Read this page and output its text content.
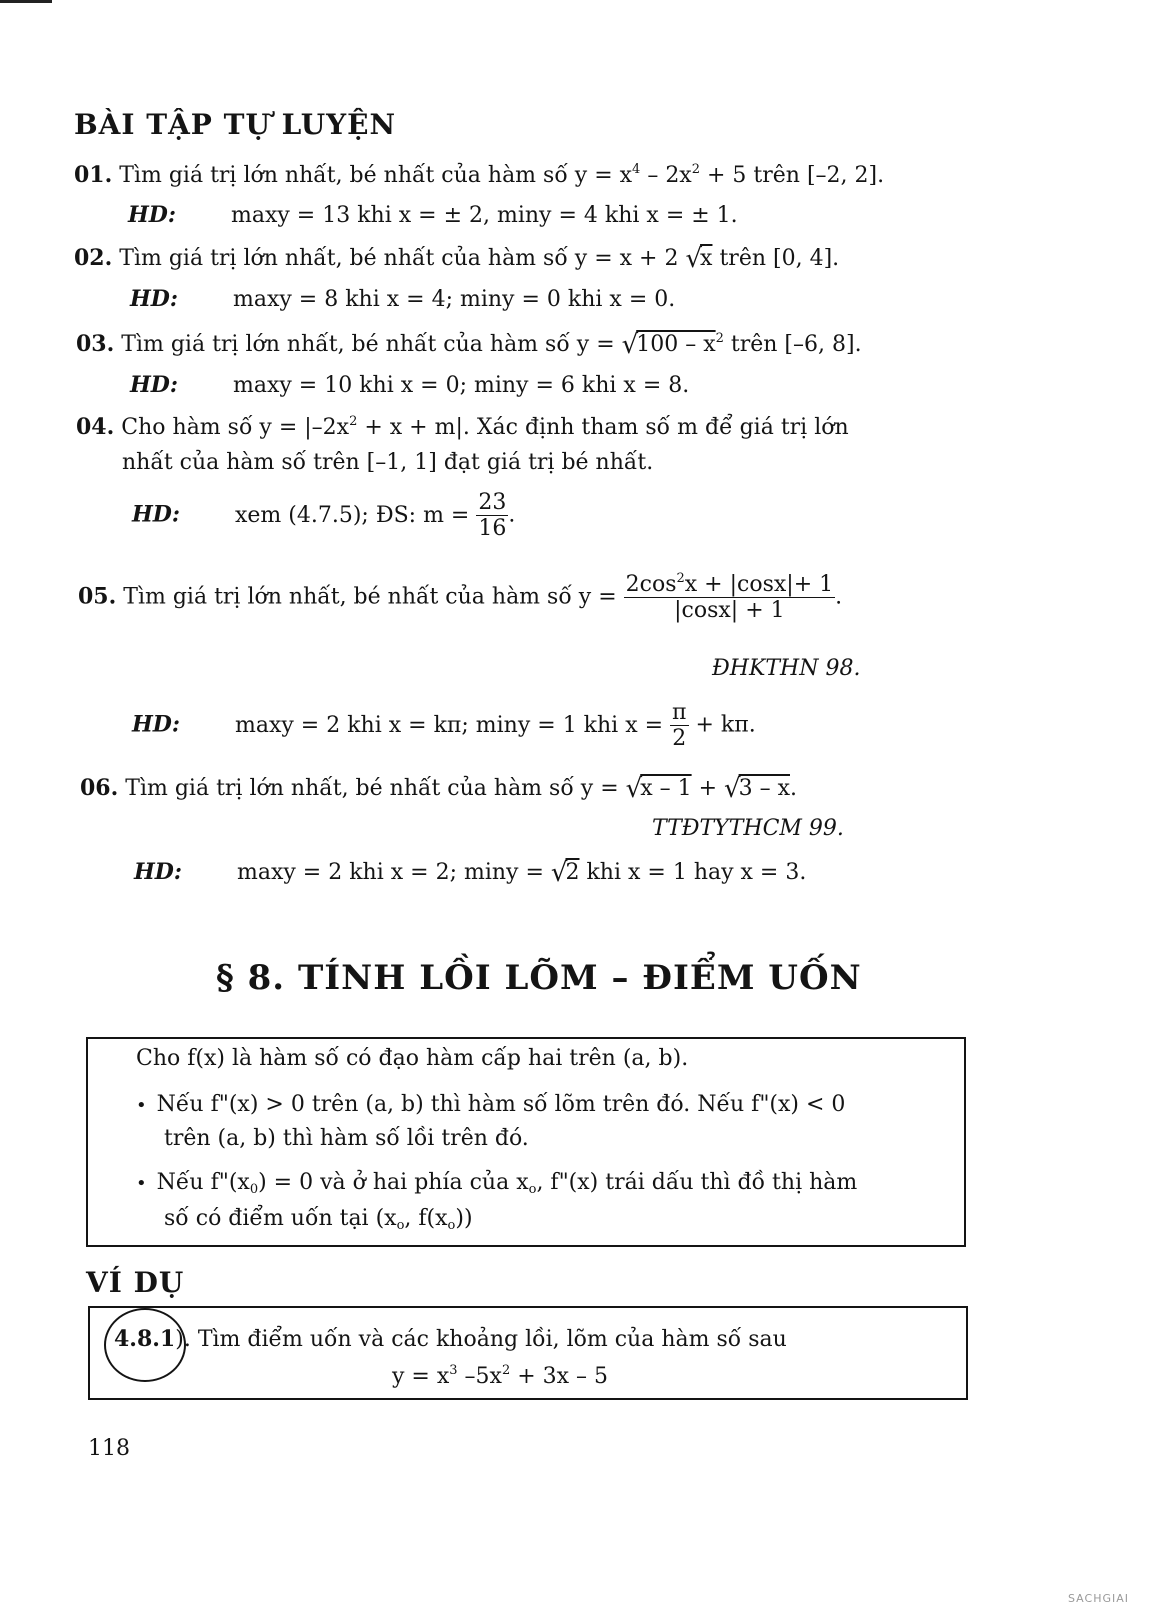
BÀI TẬP TỰ LUYỆN
01. Tìm giá trị lớn nhất, bé nhất của hàm số $y = x^4 - 2x^2 + 5$ trên [–2, 2].
HD:	maxy = 13 khi x = ± 2, miny = 4 khi x = ± 1.
02. Tìm giá trị lớn nhất, bé nhất của hàm số y = x + 2 √x trên [0, 4].
HD:	maxy = 8 khi x = 4; miny = 0 khi x = 0.
03. Tìm giá trị lớn nhất, bé nhất của hàm số $y = √100 - x^2$ trên [–6, 8].
HD:	maxy = 10 khi x = 0; miny = 6 khi x = 8.
04. Cho hàm số $y = |-2x^2 + x + m|$. Xác định tham số m để giá trị lớn
nhất của hàm số trên [–1, 1] đạt giá trị bé nhất.
HD:	xem (4.7.5); ĐS: $m = \frac{23}{16}$ .
05. Tìm giá trị lớn nhất, bé nhất của hàm số $y = \frac{2\cos^2x + |\cos x|+ 1}{|\cos x| + 1}$ .
ĐHKTHN 98.
HD:	maxy = 2 khi x = kπ; miny = 1 khi $x = \frac{\pi}{2} + k\pi$.
06. Tìm giá trị lớn nhất, bé nhất của hàm số y = √x – 1 + √3 – x.
TTĐTYTHCM 99.
HD:	maxy = 2 khi x = 2; miny = √2 khi x = 1 hay x = 3.
§ 8. TÍNH LỒI LÕM – ĐIỂM UỐN
Cho f(x) là hàm số có đạo hàm cấp hai trên (a, b).
• Nếu f"(x) > 0 trên (a, b) thì hàm số lõm trên đó. Nếu f"(x) < 0
trên (a, b) thì hàm số lồi trên đó.
• Nếu $f"(x_0) = 0$ và ở hai phía của $x_o$, f"(x) trái dấu thì đồ thị hàm
số có điểm uốn tại ($x_o$, $f(x_o)$)
VÍ DỤ
4.8.1). Tìm điểm uốn và các khoảng lồi, lõm của hàm số sau
$y = x^3$ $-5x^2 + 3x - 5$
118
SACHGIAI
